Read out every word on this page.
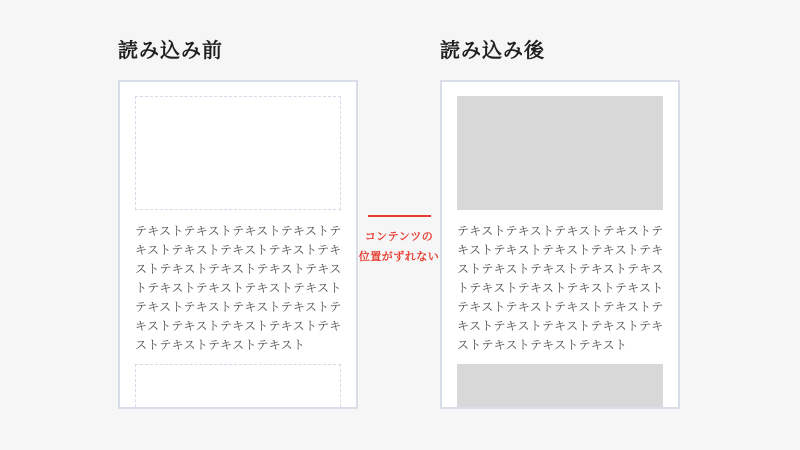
読み込み前	読み込み後
テキストテキストテキストテキストテ
キストテキストテキストテキストテキ
ストテキストテキストテキストテキス
トテキストテキストテキストテキスト
テキストテキストテキストテキストテ
キストテキストテキストテキストテキ
ストテキストテキストテキスト
テキストテキストテキストテキストテ
キストテキストテキストテキストテキ
ストテキストテキストテキストテキス
トテキストテキストテキストテキスト
テキストテキストテキストテキストテ
キストテキストテキストテキストテキ
ストテキストテキストテキスト
コンテンツの
位置がずれない
